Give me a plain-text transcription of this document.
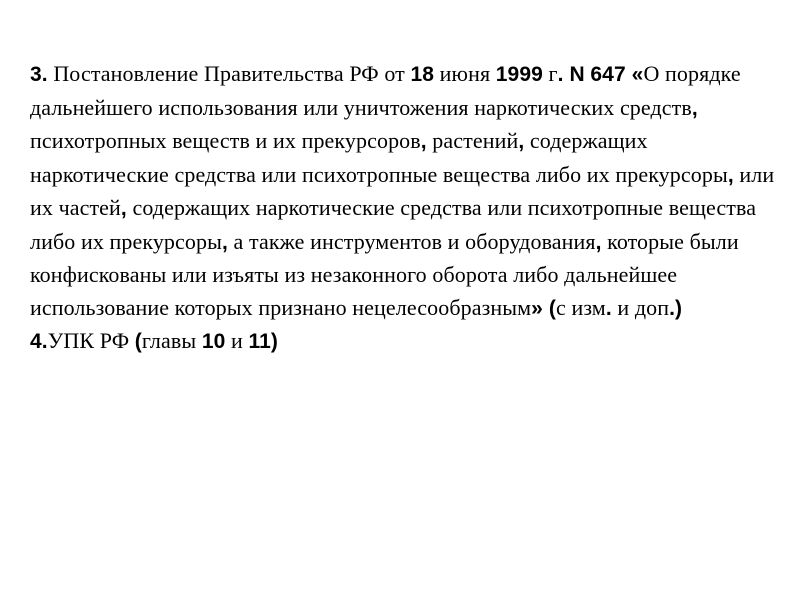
3. Постановление Правительства РФ от 18 июня 1999 г. N 647 «О порядке дальнейшего использования или уничтожения наркотических средств, психотропных веществ и их прекурсоров, растений, содержащих наркотические средства или психотропные вещества либо их прекурсоры, или их частей, содержащих наркотические средства или психотропные вещества либо их прекурсоры, а также инструментов и оборудования, которые были конфискованы или изъяты из незаконного оборота либо дальнейшее использование которых признано нецелесообразным» (с изм. и доп.)

4.УПК РФ (главы 10 и 11)
